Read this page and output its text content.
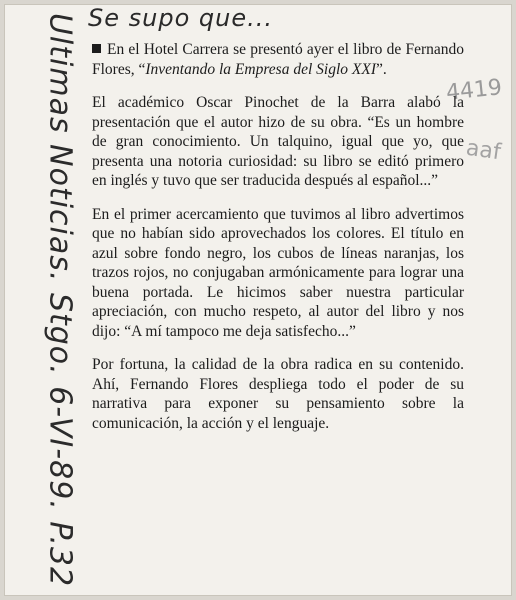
Se supo que...
Ultimas Noticias. Stgo. 6-VI-89. P.32	4419
aaf

En el Hotel Carrera se presentó ayer el libro de Fernando Flores, “Inventando la Empresa del Siglo XXI”.

El académico Oscar Pinochet de la Barra alabó la presentación que el autor hizo de su obra. “Es un hombre de gran conocimiento. Un talquino, igual que yo, que presenta una notoria curiosidad: su libro se editó primero en inglés y tuvo que ser traducida después al español...”

En el primer acercamiento que tuvimos al libro advertimos que no habían sido aprovechados los colores. El título en azul sobre fondo negro, los cubos de líneas naranjas, los trazos rojos, no conjugaban armónicamente para lograr una buena portada. Le hicimos saber nuestra particular apreciación, con mucho respeto, al autor del libro y nos dijo: “A mí tampoco me deja satisfecho...”

Por fortuna, la calidad de la obra radica en su contenido. Ahí, Fernando Flores despliega todo el poder de su narrativa para exponer su pensamiento sobre la comunicación, la acción y el lenguaje.
